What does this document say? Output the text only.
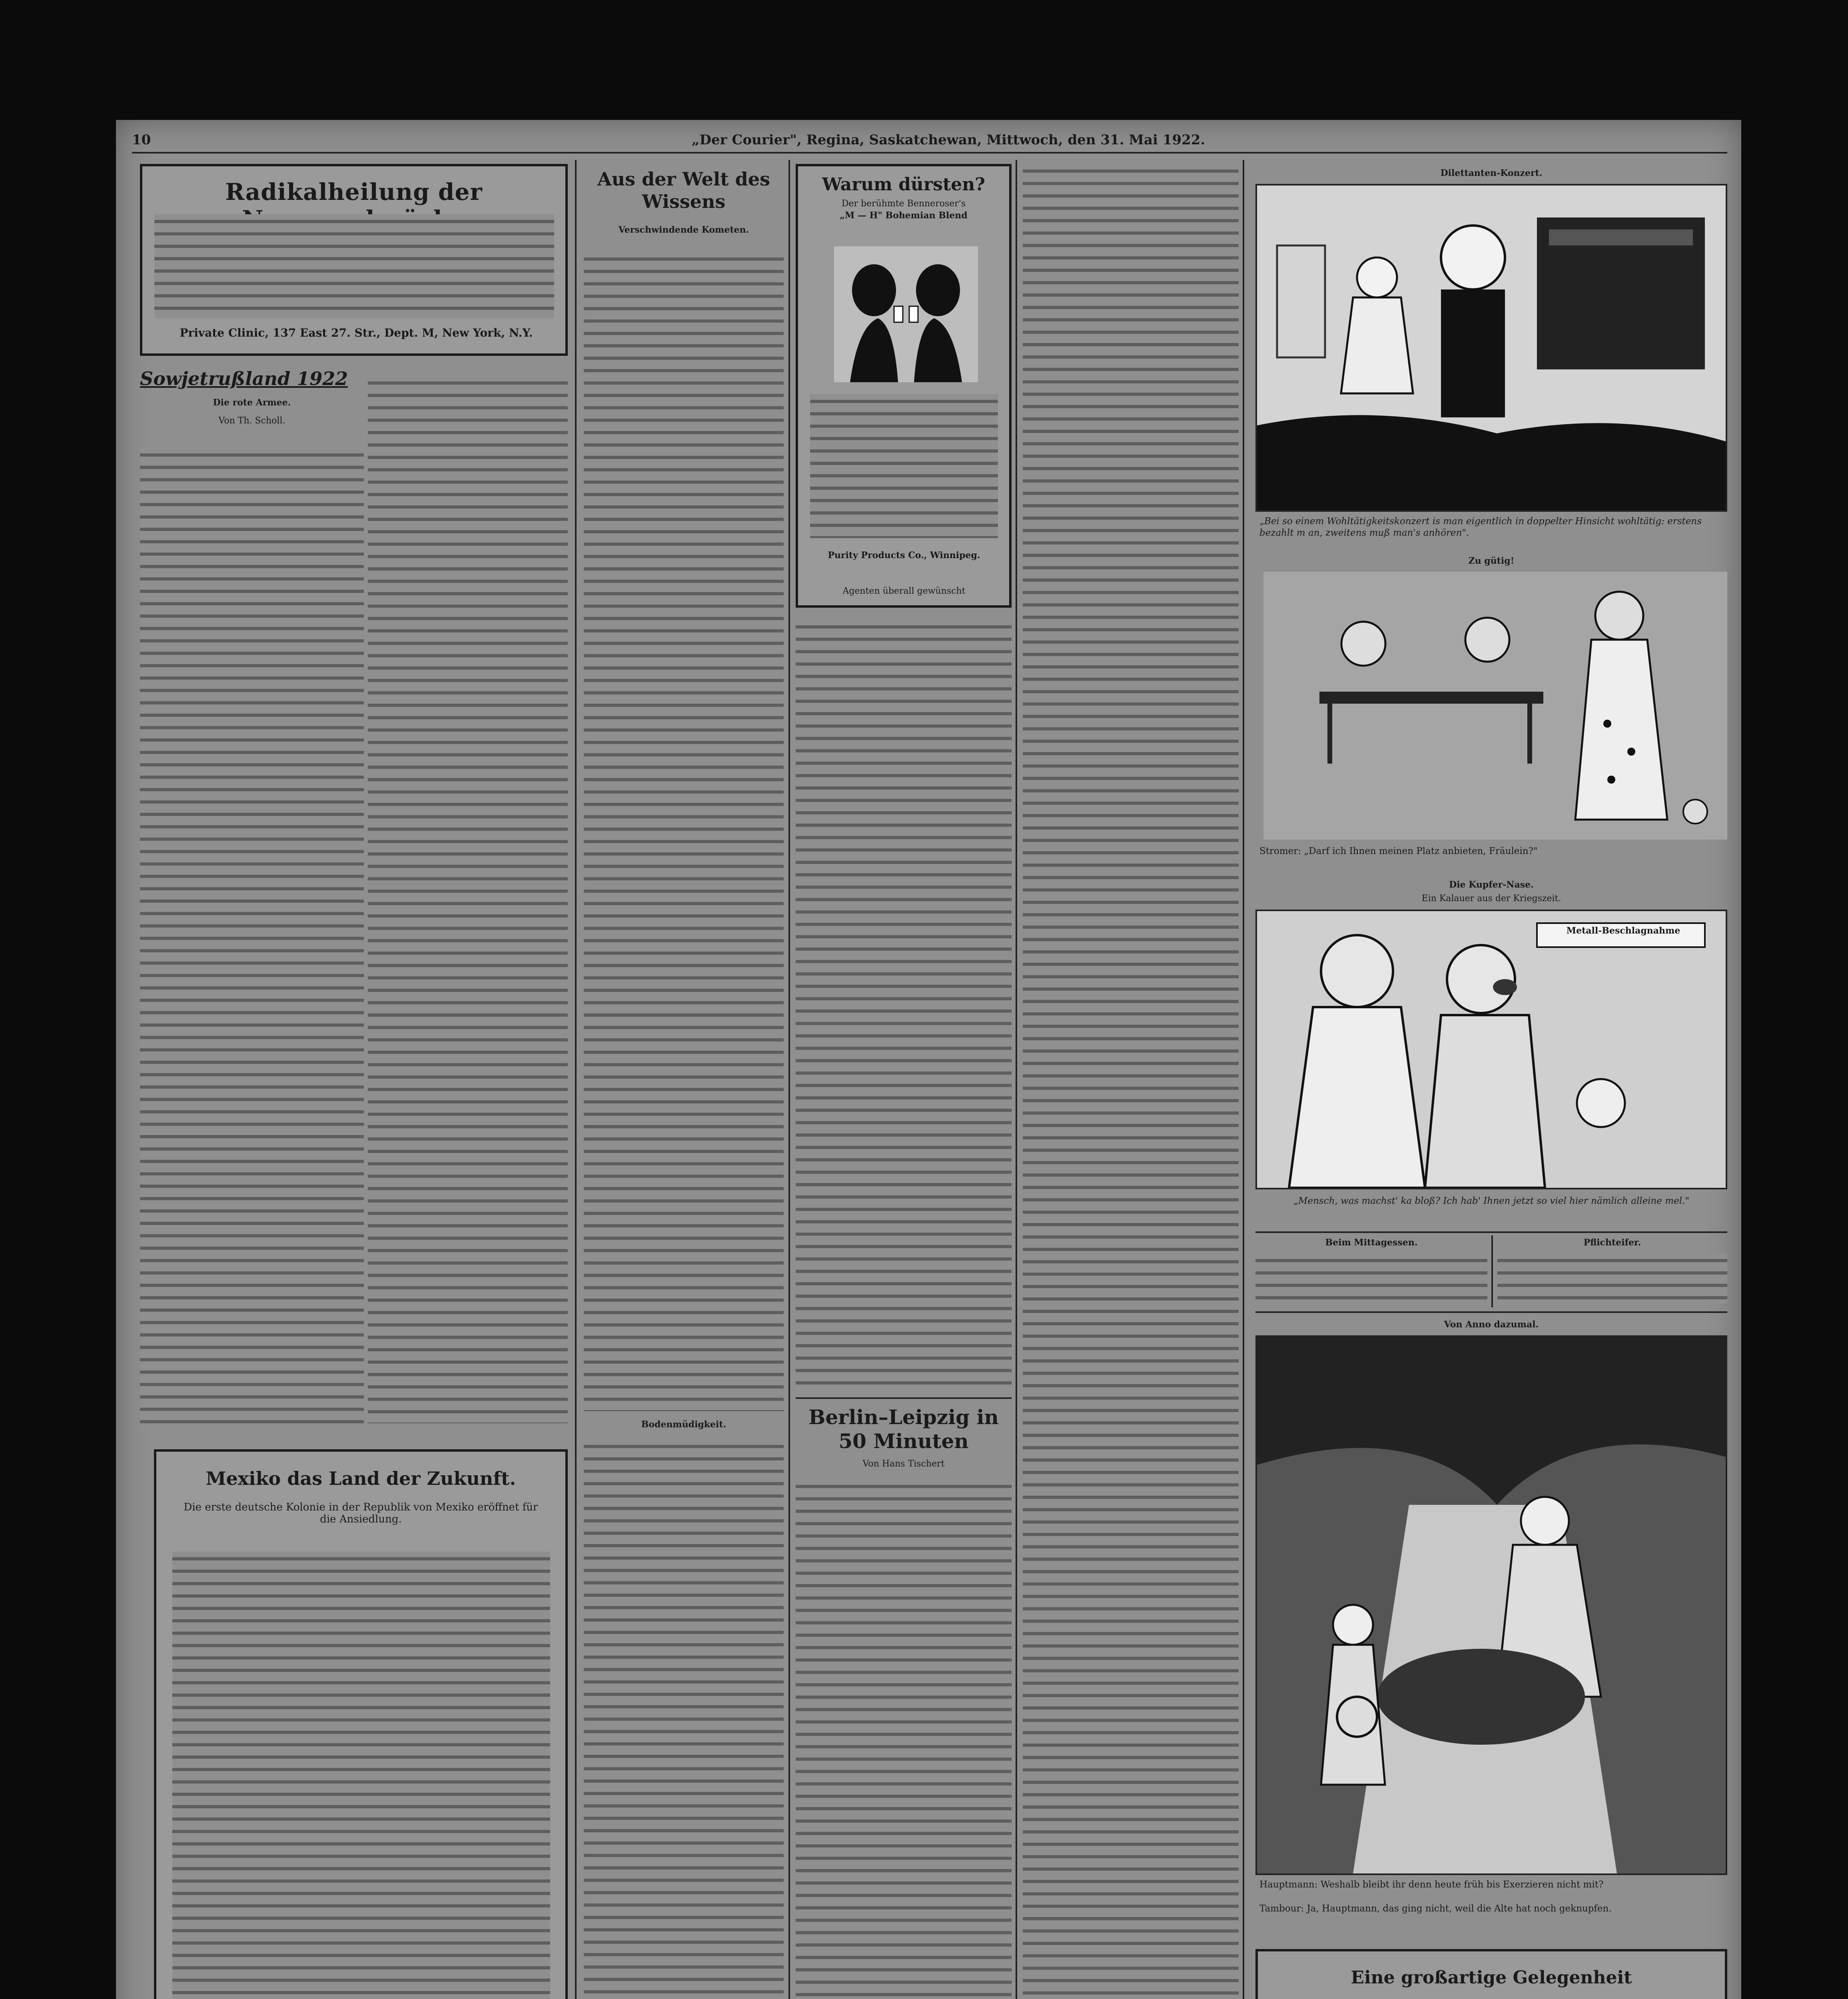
10	„Der Courier", Regina, Saskatchewan, Mittwoch, den 31. Mai 1922.
Radikalheilung der
Private Clinic, 137 East 27. Str., Dept. M, New York, N.Y.
Sowjetrußland 1922
Die rote Armee.
Von Th. Scholl.
Mexiko das Land der Zukunft.
Die erste deutsche Kolonie in der Republik von Mexiko eröffnet für die Ansiedlung.
Aus der Welt des Wissens
Verschwindende Kometen.
Bodenmüdigkeit.
Warum dürsten?
Der berühmte Benneroser's
„M — H" Bohemian Blend
Purity Products Co., Winnipeg.
Agenten überall gewünscht
Berlin–Leipzig in 50 Minuten
Von Hans Tischert
Dilettanten-Konzert.
„Bei so einem Wohltätigkeitskonzert is man eigentlich in doppelter Hinsicht wohltätig: erstens bezahlt m an, zweitens muß man's anhören".
Zu gütig!
Stromer: „Darf ich Ihnen meinen Platz anbieten, Fräulein?"
Die Kupfer-Nase.
Ein Kalauer aus der Kriegszeit.
Metall-Beschlagnahme
„Mensch, was machst' ka bloß? Ich hab' Ihnen jetzt so viel hier nämlich alleine mel."
Beim Mittagessen.	Pflichteifer.
Von Anno dazumal.
Hauptmann: Weshalb bleibt ihr denn heute früh bis Exerzieren nicht mit?
Tambour: Ja, Hauptmann, das ging nicht, weil die Alte hat noch geknupfen.
Eine großartige Gelegenheit
